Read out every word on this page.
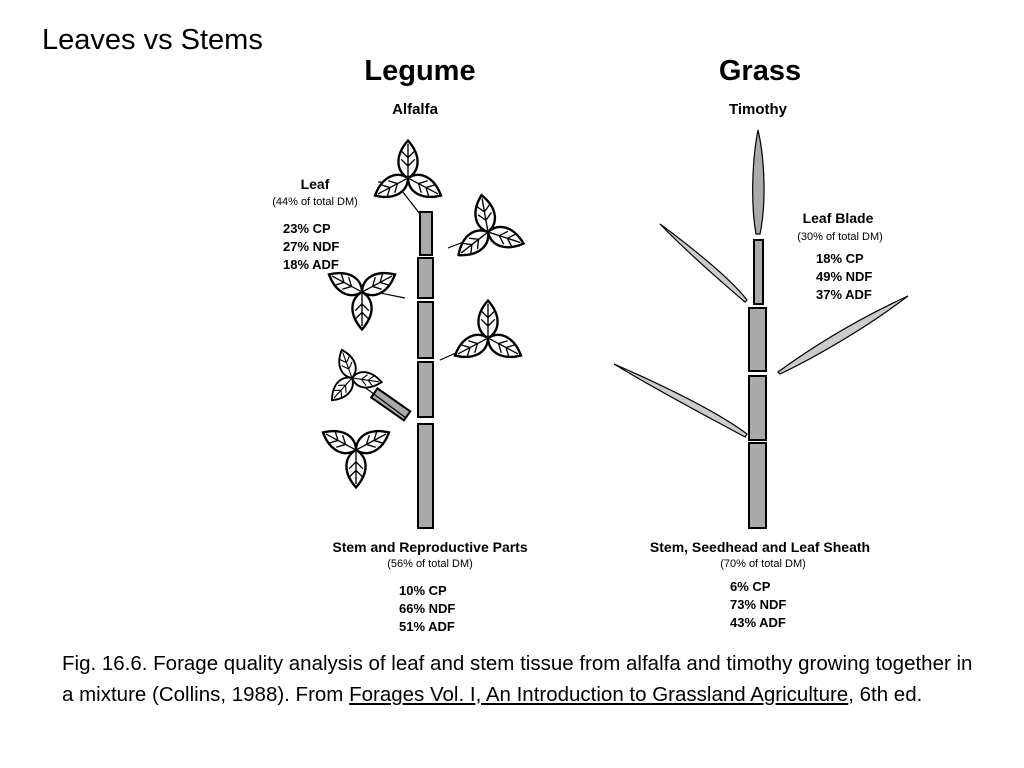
Leaves vs Stems
Legume
Alfalfa
Leaf
(44% of total DM)
23% CP
27% NDF
18% ADF
Stem and Reproductive Parts
(56% of total DM)
10% CP
66% NDF
51% ADF
Grass
Timothy
Leaf Blade
(30% of total DM)
18% CP
49% NDF
37% ADF
Stem, Seedhead and Leaf Sheath
(70% of total DM)
6% CP
73% NDF
43% ADF
Fig. 16.6. Forage quality analysis of leaf and stem tissue from alfalfa and timothy growing together in a mixture (Collins, 1988). From Forages Vol. I, An Introduction to Grassland Agriculture, 6th ed.
